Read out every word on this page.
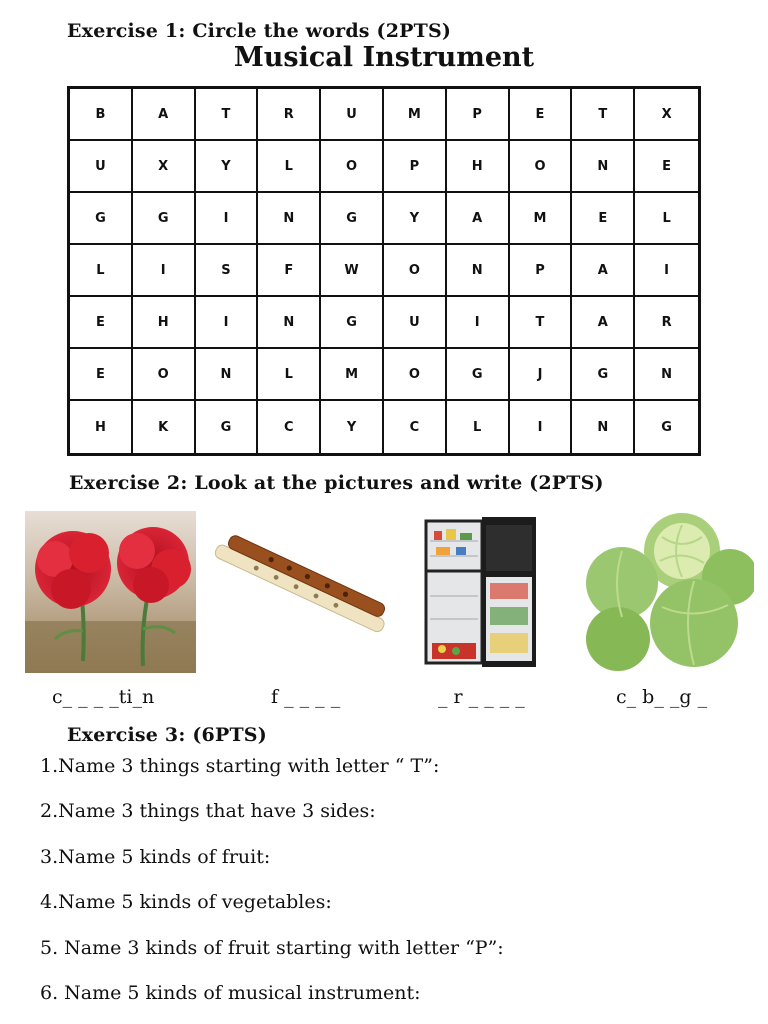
Exercise 1: Circle the words (2PTS)
Musical Instrument
B	A	T	R	U	M	P	E	T	X
U	X	Y	L	O	P	H	O	N	E
G	G	I	N	G	Y	A	M	E	L
L	I	S	F	W	O	N	P	A	I
E	H	I	N	G	U	I	T	A	R
E	O	N	L	M	O	G	J	G	N
H	K	G	C	Y	C	L	I	N	G
Exercise 2: Look at the pictures and write (2PTS)
c_ _ _ _ti_n	f _ _ _ _	_ r _ _ _ _	c_ b_ _g _
Exercise 3: (6PTS)
1.Name 3 things starting with letter “ T”:
2.Name 3 things that have 3 sides:
3.Name 5 kinds of fruit:
4.Name 5 kinds of vegetables:
5. Name 3 kinds of fruit starting with letter “P”:
6. Name 5 kinds of musical instrument:
